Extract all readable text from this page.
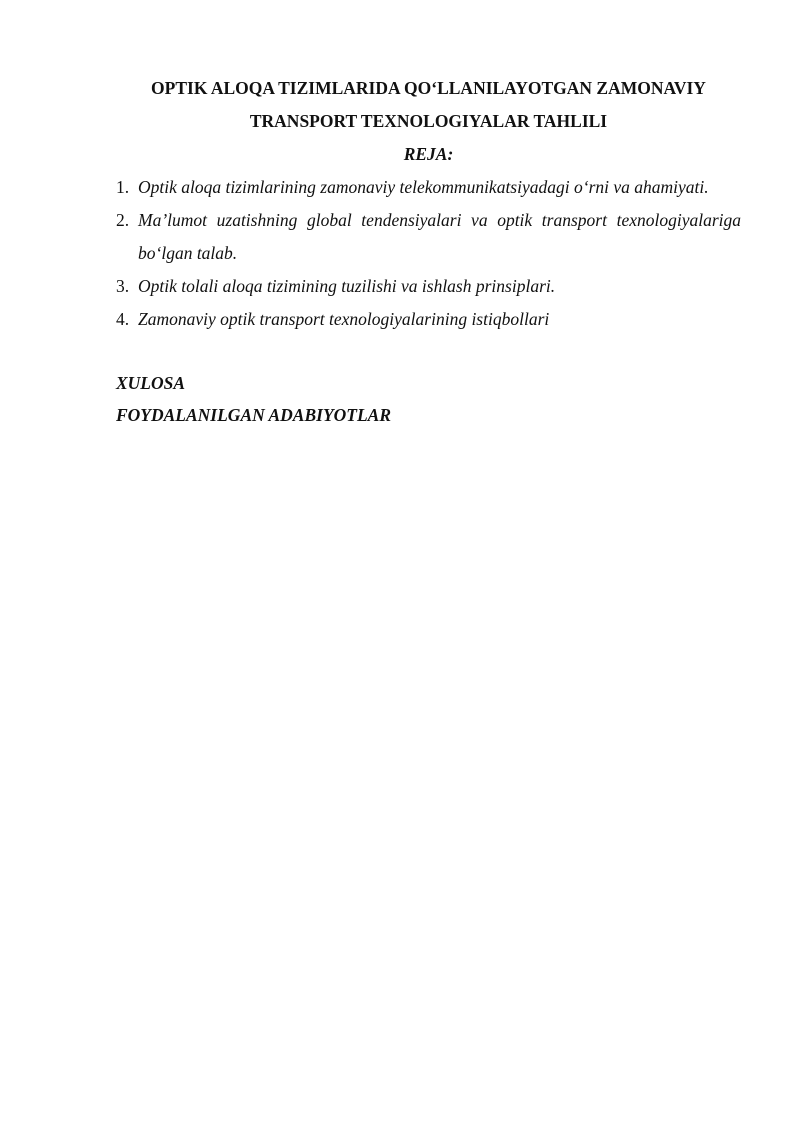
OPTIK ALOQA TIZIMLARIDA QO‘LLANILAYOTGAN ZAMONAVIY
TRANSPORT TEXNOLOGIYALAR TAHLILI

REJA:

1. Optik aloqa tizimlarining zamonaviy telekommunikatsiyadagi o‘rni va ahamiyati.
2. Ma’lumot uzatishning global tendensiyalari va optik transport texnologiyalariga bo‘lgan talab.
3. Optik tolali aloqa tizimining tuzilishi va ishlash prinsiplari.
4. Zamonaviy optik transport texnologiyalarining istiqbollari

XULOSA

FOYDALANILGAN ADABIYOTLAR
